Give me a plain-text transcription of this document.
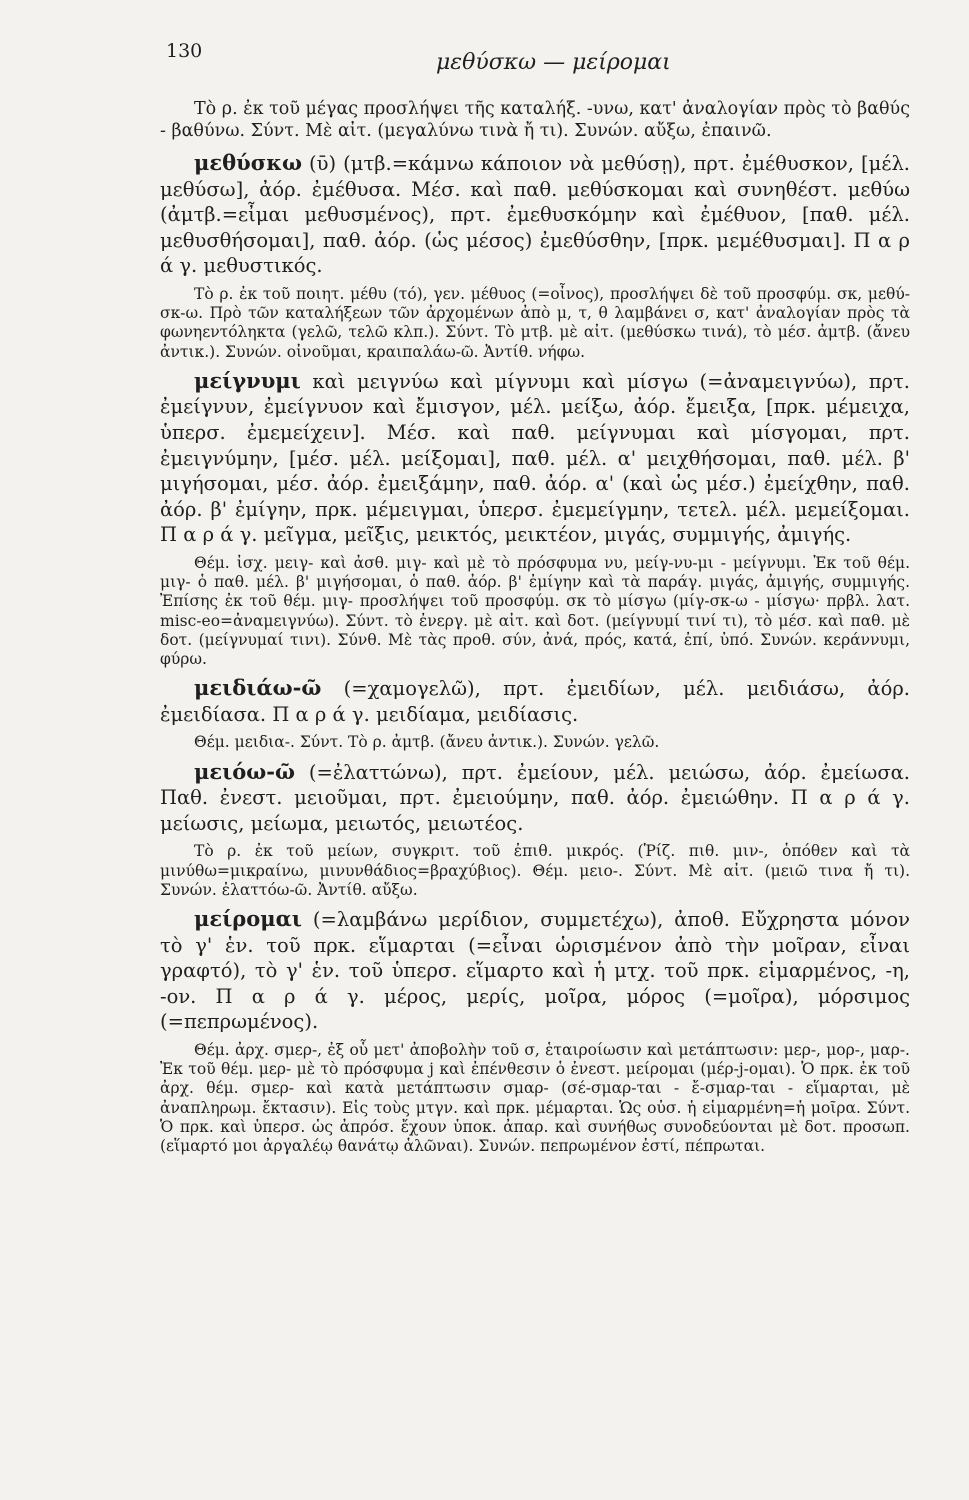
130	μεθύσκω — μείρομαι

Τὸ ρ. ἐκ τοῦ μέγας προσλήψει τῆς καταλήξ. -υνω, κατ' ἀναλογίαν πρὸς τὸ βαθύς - βαθύνω. Σύντ. Μὲ αἰτ. (μεγαλύνω τινὰ ἤ τι). Συνών. αὔξω, ἐπαινῶ.

μεθύσκω (ῡ) (μτβ.=κάμνω κάποιον νὰ μεθύσῃ), πρτ. ἐμέθυσκον, [μέλ. μεθύσω], ἀόρ. ἐμέθυσα. Μέσ. καὶ παθ. μεθύσκομαι καὶ συνηθέστ. μεθύω (ἀμτβ.=εἶμαι μεθυσμένος), πρτ. ἐμεθυσκόμην καὶ ἐμέθυον, [παθ. μέλ. μεθυσθήσομαι], παθ. ἀόρ. (ὡς μέσος) ἐμεθύσθην, [πρκ. μεμέθυσμαι]. Π α ρ ά γ. μεθυστικός.

Τὸ ρ. ἐκ τοῦ ποιητ. μέθυ (τό), γεν. μέθυος (=οἶνος), προσλήψει δὲ τοῦ προσφύμ. σκ, μεθύ-σκ-ω. Πρὸ τῶν καταλήξεων τῶν ἀρχομένων ἀπὸ μ, τ, θ λαμβάνει σ, κατ' ἀναλογίαν πρὸς τὰ φωνηεντόληκτα (γελῶ, τελῶ κλπ.). Σύντ. Τὸ μτβ. μὲ αἰτ. (μεθύσκω τινά), τὸ μέσ. ἀμτβ. (ἄνευ ἀντικ.). Συνών. οἰνοῦμαι, κραιπαλάω-ῶ. Ἀντίθ. νήφω.

μείγνυμι καὶ μειγνύω καὶ μίγνυμι καὶ μίσγω (=ἀναμειγνύω), πρτ. ἐμείγνυν, ἐμείγνυον καὶ ἔμισγον, μέλ. μείξω, ἀόρ. ἔμειξα, [πρκ. μέμειχα, ὑπερσ. ἐμεμείχειν]. Μέσ. καὶ παθ. μείγνυμαι καὶ μίσγομαι, πρτ. ἐμειγνύμην, [μέσ. μέλ. μείξομαι], παθ. μέλ. α' μειχθήσομαι, παθ. μέλ. β' μιγήσομαι, μέσ. ἀόρ. ἐμειξάμην, παθ. ἀόρ. α' (καὶ ὡς μέσ.) ἐμείχθην, παθ. ἀόρ. β' ἐμίγην, πρκ. μέμειγμαι, ὑπερσ. ἐμεμείγμην, τετελ. μέλ. μεμείξομαι. Π α ρ ά γ. μεῖγμα, μεῖξις, μεικτός, μεικτέον, μιγάς, συμμιγής, ἀμιγής.

Θέμ. ἰσχ. μειγ- καὶ ἀσθ. μιγ- καὶ μὲ τὸ πρόσφυμα νυ, μείγ-νυ-μι - μείγνυμι. Ἐκ τοῦ θέμ. μιγ- ὁ παθ. μέλ. β' μιγήσομαι, ὁ παθ. ἀόρ. β' ἐμίγην καὶ τὰ παράγ. μιγάς, ἀμιγής, συμμιγής. Ἐπίσης ἐκ τοῦ θέμ. μιγ- προσλήψει τοῦ προσφύμ. σκ τὸ μίσγω (μίγ-σκ-ω - μίσγω· πρβλ. λατ. misc-eo=ἀναμειγνύω). Σύντ. τὸ ἐνεργ. μὲ αἰτ. καὶ δοτ. (μείγνυμί τινί τι), τὸ μέσ. καὶ παθ. μὲ δοτ. (μείγνυμαί τινι). Σύνθ. Μὲ τὰς προθ. σύν, ἀνά, πρός, κατά, ἐπί, ὑπό. Συνών. κεράννυμι, φύρω.

μειδιάω-ῶ (=χαμογελῶ), πρτ. ἐμειδίων, μέλ. μειδιάσω, ἀόρ. ἐμειδίασα. Π α ρ ά γ. μειδίαμα, μειδίασις.

Θέμ. μειδια-. Σύντ. Τὸ ρ. ἀμτβ. (ἄνευ ἀντικ.). Συνών. γελῶ.

μειόω-ῶ (=ἐλαττώνω), πρτ. ἐμείουν, μέλ. μειώσω, ἀόρ. ἐμείωσα. Παθ. ἐνεστ. μειοῦμαι, πρτ. ἐμειούμην, παθ. ἀόρ. ἐμειώθην. Π α ρ ά γ. μείωσις, μείωμα, μειωτός, μειωτέος.

Τὸ ρ. ἐκ τοῦ μείων, συγκριτ. τοῦ ἐπιθ. μικρός. (Ῥίζ. πιθ. μιν-, ὁπόθεν καὶ τὰ μινύθω=μικραίνω, μινυνθάδιος=βραχύβιος). Θέμ. μειο-. Σύντ. Μὲ αἰτ. (μειῶ τινα ἤ τι). Συνών. ἐλαττόω-ῶ. Ἀντίθ. αὔξω.

μείρομαι (=λαμβάνω μερίδιον, συμμετέχω), ἀποθ. Εὔχρηστα μόνον τὸ γ' ἑν. τοῦ πρκ. εἵμαρται (=εἶναι ὡρισμένον ἀπὸ τὴν μοῖραν, εἶναι γραφτό), τὸ γ' ἑν. τοῦ ὑπερσ. εἵμαρτο καὶ ἡ μτχ. τοῦ πρκ. εἱμαρμένος, -η, -ον. Π α ρ ά γ. μέρος, μερίς, μοῖρα, μόρος (=μοῖρα), μόρσιμος (=πεπρωμένος).

Θέμ. ἀρχ. σμερ-, ἐξ οὗ μετ' ἀποβολὴν τοῦ σ, ἑταιροίωσιν καὶ μετάπτωσιν: μερ-, μορ-, μαρ-. Ἐκ τοῦ θέμ. μερ- μὲ τὸ πρόσφυμα j καὶ ἐπένθεσιν ὁ ἐνεστ. μείρομαι (μέρ-j-ομαι). Ὁ πρκ. ἐκ τοῦ ἀρχ. θέμ. σμερ- καὶ κατὰ μετάπτωσιν σμαρ- (σέ-σμαρ-ται - ἔ-σμαρ-ται - εἵμαρται, μὲ ἀναπληρωμ. ἔκτασιν). Εἰς τοὺς μτγν. καὶ πρκ. μέμαρται. Ὡς οὐσ. ἡ εἱμαρμένη=ἡ μοῖρα. Σύντ. Ὁ πρκ. καὶ ὑπερσ. ὡς ἀπρόσ. ἔχουν ὑποκ. ἀπαρ. καὶ συνήθως συνοδεύονται μὲ δοτ. προσωπ. (εἵμαρτό μοι ἀργαλέῳ θανάτῳ ἁλῶναι). Συνών. πεπρωμένον ἐστί, πέπρωται.
